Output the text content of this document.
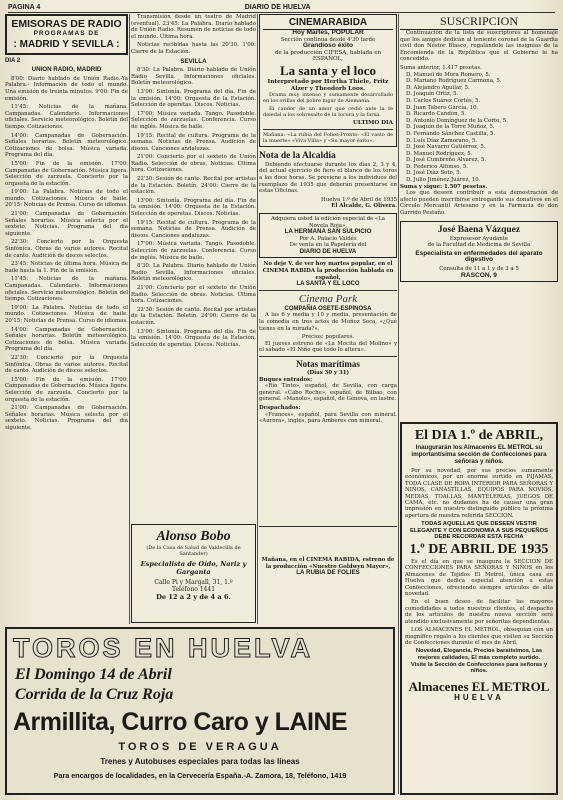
PAGINA 4	DIARIO DE HUELVA
EMISORAS DE RADIO
PROGRAMAS DE
: MADRID Y SEVILLA :
DIA 2
UNION RADIO, MADRID

8'00: Diario hablado de Unión Radio.-Ya Palabra.- Información de todo el mundo. Una emisión de treinta minutos. 9'00: Fin de emisión.

11'45: Noticias de la mañana. Campanadas. Calendario. Informaciones oficiales. Servicio meteorológico. Boletín del tiempo. Cotizaciones.

14'00: Campanadas de Gobernación. Señales horarias. Boletín meteorológico. Cotizaciones de bolsa. Música variada. Programa del día.

15'00: Fin de la emisión. 17'00: Campanadas de Gobernación. Música ligera. Selección de zarzuela. Concierto por la orquesta de la estación.

19'00: La Palabra. Noticias de todo el mundo. Cotizaciones. Música de baile. 20'15: Noticias de Prensa. Curso de idiomas.

21'00: Campanadas de Gobernación. Señales horarias. Música selecta por el sexteto. Noticias. Programa del día siguiente.

22'30: Concierto por la Orquesta Sinfónica. Obras de varios autores. Recital de canto. Audición de discos selectos.

23'45: Noticias de última hora. Música de baile hasta la 1. Fin de la emisión.

11'45: Noticias de la mañana. Campanadas. Calendario. Informaciones oficiales. Servicio meteorológico. Boletín del tiempo. Cotizaciones.

19'00: La Palabra. Noticias de todo el mundo. Cotizaciones. Música de baile. 20'15: Noticias de Prensa. Curso de idiomas.

14'00: Campanadas de Gobernación. Señales horarias. Boletín meteorológico. Cotizaciones de bolsa. Música variada. Programa del día.

22'30: Concierto por la Orquesta Sinfónica. Obras de varios autores. Recital de canto. Audición de discos selectos.

15'00: Fin de la emisión. 17'00: Campanadas de Gobernación. Música ligera. Selección de zarzuela. Concierto por la orquesta de la estación.

21'00: Campanadas de Gobernación. Señales horarias. Música selecta por el sexteto. Noticias. Programa del día siguiente.

Transmisión desde un teatro de Madrid (eventual). 23'45: La Palabra. Diario hablado de Unión Radio. Resumen de noticias de todo el mundo. Última hora.

Noticias recibidas hasta las 20'30. 1'00: Cierre de la Estación.

SEVILLA

8'30: La Palabra. Diario hablado de Unión Radio Sevilla. Informaciones oficiales. Boletín meteorológico.

13'00: Sintonía. Programa del día. Fin de la emisión. 14'00: Orquesta de la Estación. Selección de operetas. Discos. Noticias.

17'00: Música variada. Tango. Pasodoble. Selección de zarzuelas. Conferencia. Curso de inglés. Música de baile.

19'15: Recital de cultura. Programa de la semana. Noticias de Prensa. Audición de discos. Canciones andaluzas.

21'00: Concierto por el sexteto de Unión Radio. Selección de obras. Noticias. Última hora. Cotizaciones.

22'30: Sesión de canto. Recital por artistas de la Estación. Boletín. 24'00: Cierre de la estación.

13'00: Sintonía. Programa del día. Fin de la emisión. 14'00: Orquesta de la Estación. Selección de operetas. Discos. Noticias.

19'15: Recital de cultura. Programa de la semana. Noticias de Prensa. Audición de discos. Canciones andaluzas.

17'00: Música variada. Tango. Pasodoble. Selección de zarzuelas. Conferencia. Curso de inglés. Música de baile.

8'30: La Palabra. Diario hablado de Unión Radio Sevilla. Informaciones oficiales. Boletín meteorológico.

21'00: Concierto por el sexteto de Unión Radio. Selección de obras. Noticias. Última hora. Cotizaciones.

22'30: Sesión de canto. Recital por artistas de la Estación. Boletín. 24'00: Cierre de la estación.

13'00: Sintonía. Programa del día. Fin de la emisión. 14'00: Orquesta de la Estación. Selección de operetas. Discos. Noticias.

CINEMARABIDA
Hoy Martes, POPULAR
Sección continua desde 4'30 tarde
Grandioso éxito
de la producción CIFESA, hablada en ESPAÑOL,
La santa y el loco
Interpretado por Hertha Thiele, Fritz Alzer y Theodorb Loos.

Drama muy intenso y sumamente desarrollado en los orillas del pobre lugar de Alemania.

El candor de un amor que cedió ante la fe deiedal a los sobresalto de la locura y la farsa.

ULTIMO DIA
Mañana: «La rubia del Folies-Pronto: «El vasto de la muerte» «Viva Villa» y «Su mayor éxito».
Nota de la Alcaldía

Debiendo efectuarse durante los días 2, 3 y 4, del actual ejercicio de fiero el blanco de los toros a las doce horas. Se previene a los individuos del reemplazo de 1935 que deberán presentarse en estas Oficinas.

Huelva 1.º de Abril de 1935
El Alcalde, G. Olivera.
Adquiera usted la edición especial de «La Novela Roja»,
LA HERMANA SAN SULPICIO
Por A. Palacio Valdés
De venta en la Papelería del
DIARIO DE HUELVA
No deje V. de ver hoy martes popular, en el CINEMA RABIDA la producción hablada en español,
LA SANTA Y EL LOCO
Cinema Park
COMPAÑIA OSETE-ESPINOSA

A las 6 y media y 10 y media, presentación de la comedia en tres actos de Muñoz Seca, «¿Qué tienes en la mirada?».

Precios: populares.

El jueves estreno de «La Mocita del Molino» y el sábado «El Niño que todo lo altera».

Notas marítimas
(Dias 30 y 31)
Buques entrados:

«Río Tinto», español, de Sevilla, con carga general. «Cabo Roche», español, de Bilbao, con general. «Manolo», español, de Génova, en lastre.

Despachados:

«Frances», español, para Sevilla con mineral. «Aurora», inglés, para Amberes con mineral.

Alonso Bobo
(De la Casa de Salud de Valdecilla de Santander)
Especialista de Oído, Nariz y Garganta
Calle Pi y Margall, 31, 1.º
Teléfono 1441
De 12 a 2 y de 4 a 6.
Mañana, en el CINEMA RABIDA, estreno de la producción «Nuestro Goldwyn Mayer»,
LA RUBIA DE FOLIES
SUSCRIPCION

Continuación de la lista de suscriptores al homenaje que los amigos dedican al teniente coronel de la Guardia civil don Néstor Blasco, regalándole las insignias de la Encomienda de la República que el Gobierno le ha concedido.

Suma anterior, 1.417 pesetas.
D. Manuel de Mora Romero, 5.
D. Mariano Rodríguez Carmona, 5.
D. Alejandro Aguilar, 5.
D. Joaquín Ortiz, 5.
D. Carlos Suárez Cortés, 5.
D. Juan Tabero García, 10.
D. Ricardo Candón, 5.
D. Antonio Domínguez de la Corte, 5.
D. Joaquín de la Torre Muñoz, 5.
D. Fernando Sánchez Castilla, 5.
D. Luis Díaz Zamorano, 5.
D. José Navarro Gutiérrez, 5.
D. Manuel Rodríguez, 5.
D. José Cumbreño Alvarez, 5.
D. Federico Alfonso, 5.
D. José Díaz Soto, 5.
D. Julio Jiménez Juárez, 10.
Suma y sigue: 1.507 pesetas.

Los que deseen contribuir a esta demostración de afecto pueden inscribirse entregando sus donativos en el Círculo Mercantil Artesano y en la Farmacia de don Garrido Pestaño.

José Baena Vázquez
Expresesor Ayudante
de la Facultad de Medicina de Sevilla
Especialista en enfermedades del aparato digestivo
Consulta de 11 a 1 y de 3 a 5
RASCON, 9
El DIA 1.º de ABRIL,
Inaugurarán los Almacenes EL METROL su importantísima sección de Confecciones para señoras y niños.

Por su novedad, por sus precios sumamente económicos, por un enorme surtido en PIJAMAS, TODA CLASE DE ROPA INTERIOR PARA SEÑORAS Y NIÑOS, CANASTILLAS, EQUIPOS PARA NOVIOS, MEDIAS, TOALLAS, MANTELERIAS, JUEGOS DE CAMA, etc. no dudamos ha de causar una gran impresión en nuestro distinguido público la próxima apertura de nuestra referida SECCION.

TODAS AQUELLAS QUE DESEEN VESTIR ELEGANTE Y CON ECONOMIA A SUS PEQUEÑOS DEBE RECORDAR ESTA FECHA
1.º DE ABRIL DE 1935

Es el día en que se inaugura la SECCION DE CONFECCIONES PARA SEÑORAS Y NIÑOS en los Almacenes de Tejidos El Metrol, única casa en Huelva que dedica especial atención a estas Confecciones, ofreciendo siempre artículos de alta novedad.

En el buen deseo de facilitar las mayores comodidades a todos nuestros clientes, el despacho de los artículos de nuestra nueva sección será atendido exclusivamente por señoritas dependientas.

LOS ALMACENES EL METROL, obsequian con un magnífico regalo a los clientes que visiten su Sección de Confecciones durante el mes de Abril.

Novedad, Elegancia, Precios baratísimos, Las mejores calidades, El más completo surtido.
Visite la Sección de Confecciones para señoras y niños.
Almacenes EL METROL
HUELVA
TOROS EN HUELVA
El Domingo 14 de Abril
Corrida de la Cruz Roja
Armillita, Curro Caro y LAINE
TOROS DE VERAGUA
Trenes y Autobuses especiales para todas las líneas
Para encargos de localidades, en la Cervecería España.-A. Zamora, 18, Teléfono, 1419
